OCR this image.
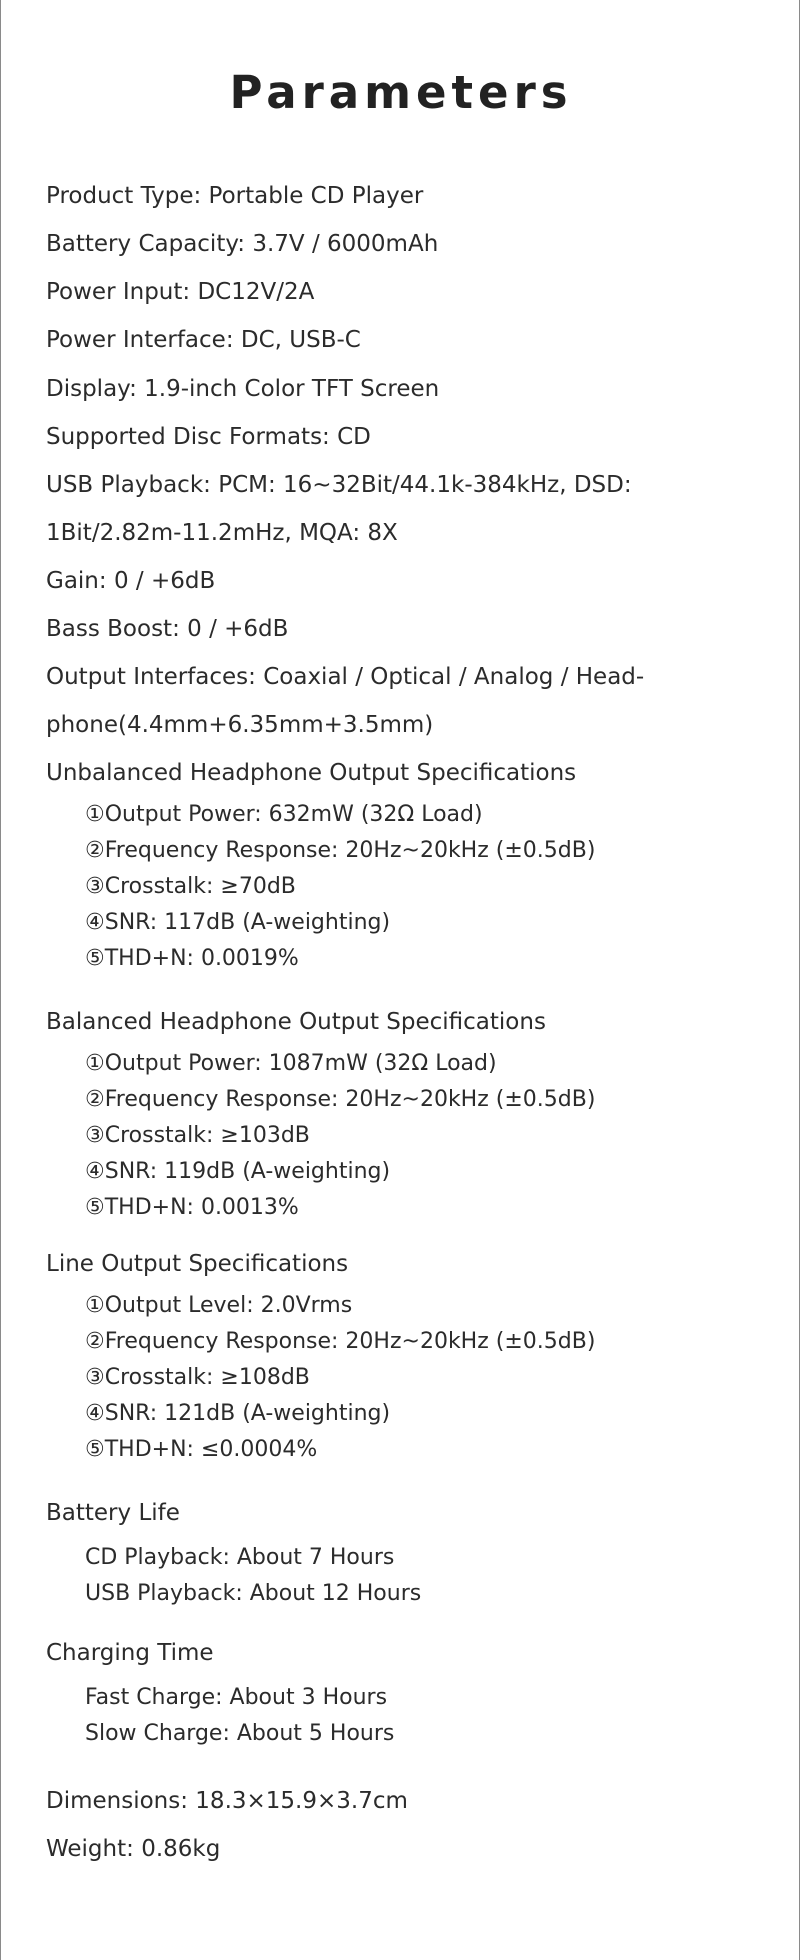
Parameters
Product Type: Portable CD Player
Battery Capacity: 3.7V / 6000mAh
Power Input: DC12V/2A
Power Interface: DC, USB-C
Display: 1.9-inch Color TFT Screen
Supported Disc Formats: CD
USB Playback: PCM: 16~32Bit/44.1k-384kHz, DSD:
1Bit/2.82m-11.2mHz, MQA: 8X
Gain: 0 / +6dB
Bass Boost: 0 / +6dB
Output Interfaces: Coaxial / Optical / Analog / Head-
phone(4.4mm+6.35mm+3.5mm)
Unbalanced Headphone Output Specifications
①Output Power: 632mW (32Ω Load)
②Frequency Response: 20Hz~20kHz (±0.5dB)
③Crosstalk: ≥70dB
④SNR: 117dB (A-weighting)
⑤THD+N: 0.0019%
Balanced Headphone Output Specifications
①Output Power: 1087mW (32Ω Load)
②Frequency Response: 20Hz~20kHz (±0.5dB)
③Crosstalk: ≥103dB
④SNR: 119dB (A-weighting)
⑤THD+N: 0.0013%
Line Output Specifications
①Output Level: 2.0Vrms
②Frequency Response: 20Hz~20kHz (±0.5dB)
③Crosstalk: ≥108dB
④SNR: 121dB (A-weighting)
⑤THD+N: ≤0.0004%
Battery Life
CD Playback: About 7 Hours
USB Playback: About 12 Hours
Charging Time
Fast Charge: About 3 Hours
Slow Charge: About 5 Hours
Dimensions: 18.3×15.9×3.7cm
Weight: 0.86kg
